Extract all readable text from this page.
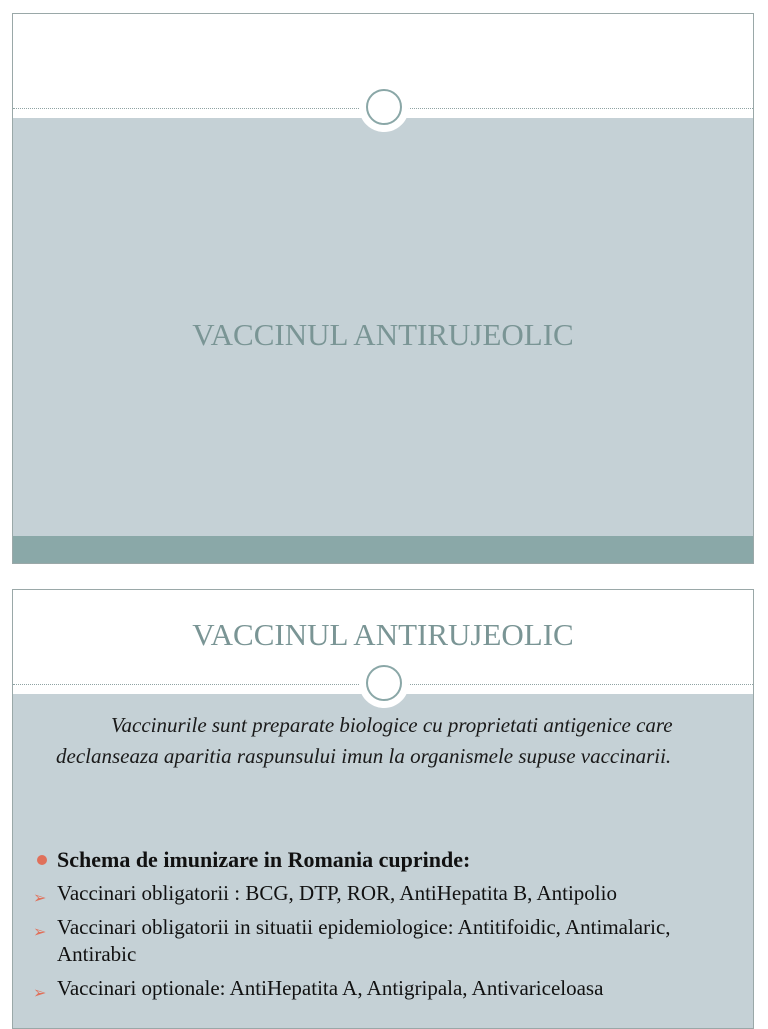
VACCINUL ANTIRUJEOLIC
VACCINUL ANTIRUJEOLIC
Vaccinurile sunt preparate biologice cu proprietati antigenice care declanseaza aparitia raspunsului imun la organismele supuse vaccinarii.
Schema de imunizare in Romania cuprinde:
➢ Vaccinari obligatorii : BCG, DTP, ROR, AntiHepatita B, Antipolio
➢ Vaccinari obligatorii in situatii epidemiologice: Antitifoidic, Antimalaric, Antirabic
➢ Vaccinari optionale: AntiHepatita A, Antigripala, Antivariceloasa
